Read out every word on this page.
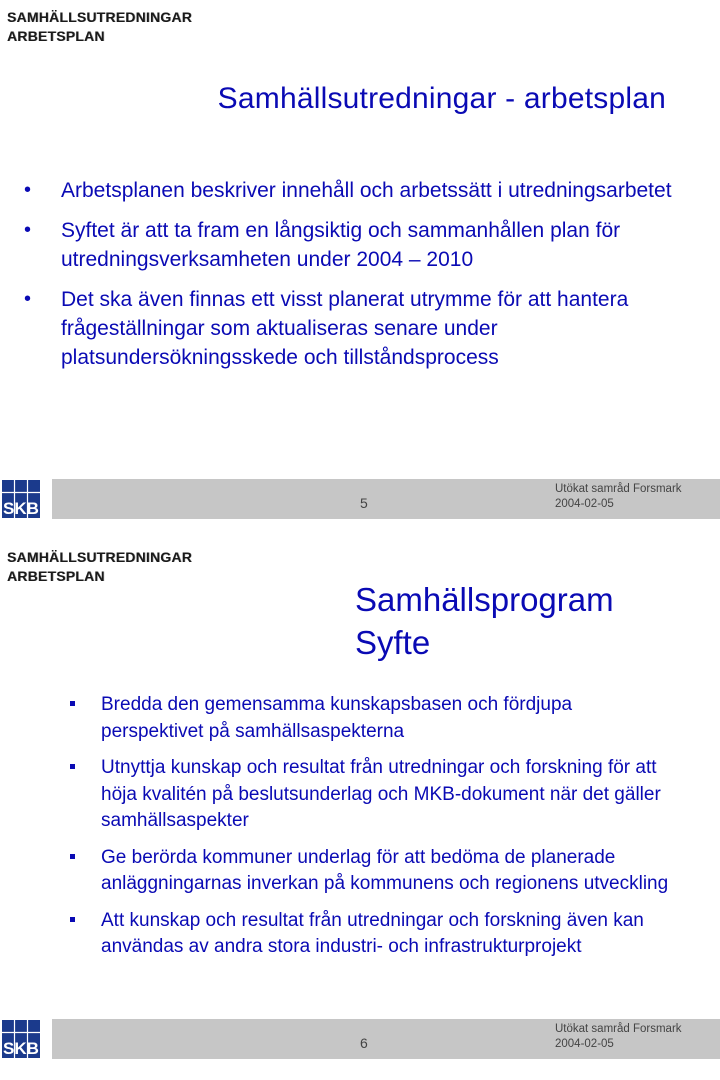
SAMHÄLLSUTREDNINGAR
ARBETSPLAN
Samhällsutredningar - arbetsplan
• Arbetsplanen beskriver innehåll och arbetssätt i utredningsarbetet
• Syftet är att ta fram en långsiktig och sammanhållen plan för utredningsverksamheten under 2004 – 2010
• Det ska även finnas ett visst planerat utrymme för att hantera frågeställningar som aktualiseras senare under platsundersökningsskede och tillståndsprocess
SKB	5
Utökat samråd Forsmark
2004-02-05
SAMHÄLLSUTREDNINGAR
ARBETSPLAN
Samhällsprogram
Syfte
Bredda den gemensamma kunskapsbasen och fördjupa perspektivet på samhällsaspekterna
Utnyttja kunskap och resultat från utredningar och forskning för att höja kvalitén på beslutsunderlag och MKB-dokument när det gäller samhällsaspekter
Ge berörda kommuner underlag för att bedöma de planerade anläggningarnas inverkan på kommunens och regionens utveckling
Att kunskap och resultat från utredningar och forskning även kan användas av andra stora industri- och infrastrukturprojekt
SKB	6
Utökat samråd Forsmark
2004-02-05
